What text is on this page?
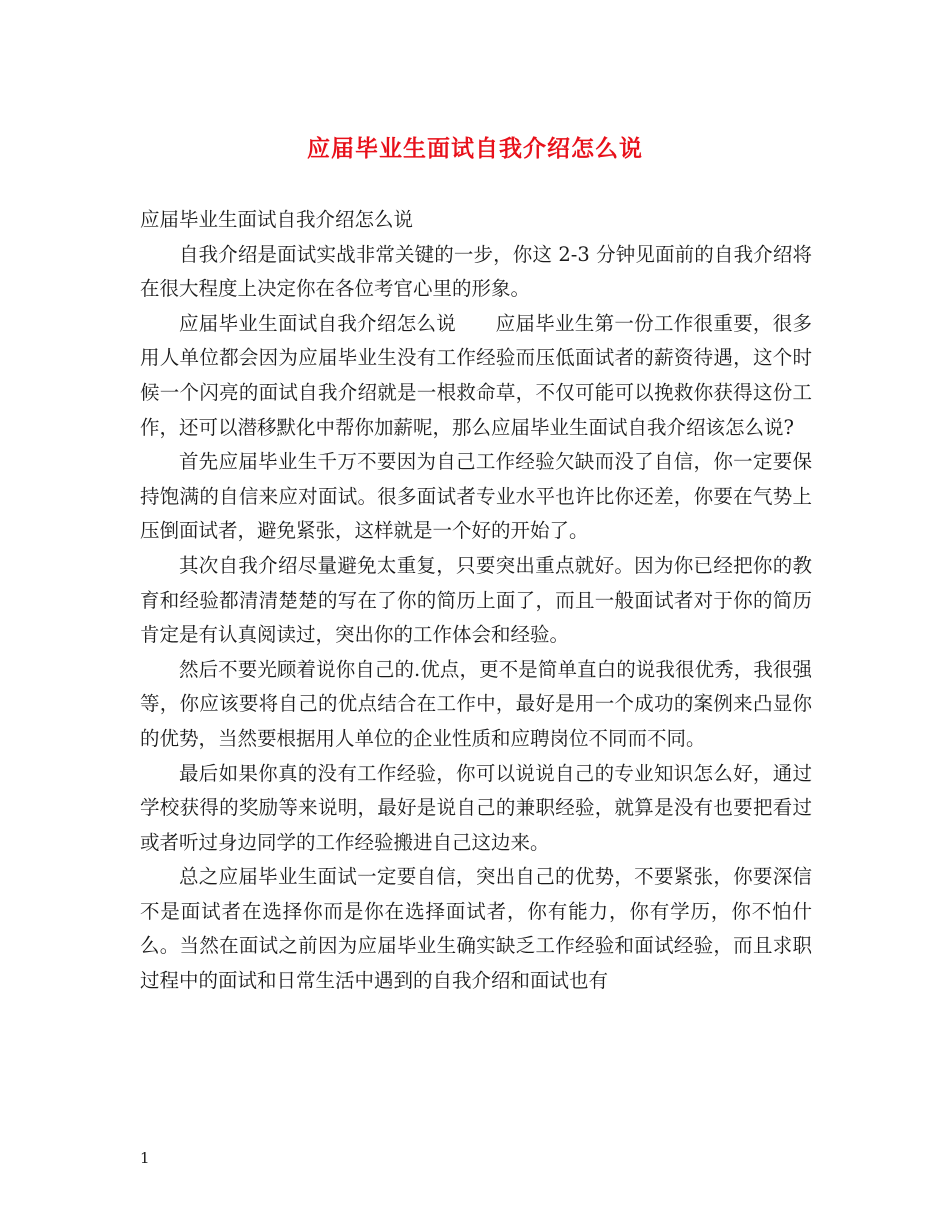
应届毕业生面试自我介绍怎么说

应届毕业生面试自我介绍怎么说

自我介绍是面试实战非常关键的一步，你这 2-3 分钟见面前的自我介绍将在很大程度上决定你在各位考官心里的形象。

应届毕业生面试自我介绍怎么说　　应届毕业生第一份工作很重要，很多用人单位都会因为应届毕业生没有工作经验而压低面试者的薪资待遇，这个时候一个闪亮的面试自我介绍就是一根救命草，不仅可能可以挽救你获得这份工作，还可以潜移默化中帮你加薪呢，那么应届毕业生面试自我介绍该怎么说?

首先应届毕业生千万不要因为自己工作经验欠缺而没了自信，你一定要保持饱满的自信来应对面试。很多面试者专业水平也许比你还差，你要在气势上压倒面试者，避免紧张，这样就是一个好的开始了。

其次自我介绍尽量避免太重复，只要突出重点就好。因为你已经把你的教育和经验都清清楚楚的写在了你的简历上面了，而且一般面试者对于你的简历肯定是有认真阅读过，突出你的工作体会和经验。

然后不要光顾着说你自己的.优点，更不是简单直白的说我很优秀，我很强等，你应该要将自己的优点结合在工作中，最好是用一个成功的案例来凸显你的优势，当然要根据用人单位的企业性质和应聘岗位不同而不同。

最后如果你真的没有工作经验，你可以说说自己的专业知识怎么好，通过学校获得的奖励等来说明，最好是说自己的兼职经验，就算是没有也要把看过或者听过身边同学的工作经验搬进自己这边来。

总之应届毕业生面试一定要自信，突出自己的优势，不要紧张，你要深信不是面试者在选择你而是你在选择面试者，你有能力，你有学历，你不怕什么。当然在面试之前因为应届毕业生确实缺乏工作经验和面试经验，而且求职过程中的面试和日常生活中遇到的自我介绍和面试也有

1
